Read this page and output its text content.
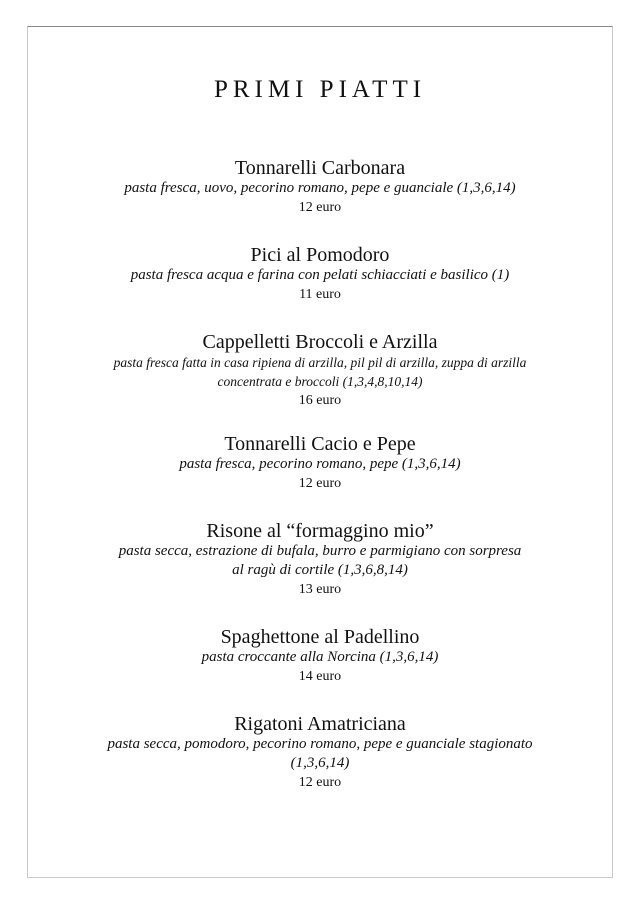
PRIMI PIATTI
Tonnarelli Carbonara
pasta fresca, uovo, pecorino romano, pepe e guanciale (1,3,6,14)
12 euro
Pici al Pomodoro
pasta fresca acqua e farina con pelati schiacciati e basilico (1)
11 euro
Cappelletti Broccoli e Arzilla
pasta fresca fatta in casa ripiena di arzilla, pil pil di arzilla, zuppa di arzilla
concentrata e broccoli (1,3,4,8,10,14)
16 euro
Tonnarelli Cacio e Pepe
pasta fresca, pecorino romano, pepe (1,3,6,14)
12 euro
Risone al “formaggino mio”
pasta secca, estrazione di bufala, burro e parmigiano con sorpresa
al ragù di cortile (1,3,6,8,14)
13 euro
Spaghettone al Padellino
pasta croccante alla Norcina (1,3,6,14)
14 euro
Rigatoni Amatriciana
pasta secca, pomodoro, pecorino romano, pepe e guanciale stagionato
(1,3,6,14)
12 euro
